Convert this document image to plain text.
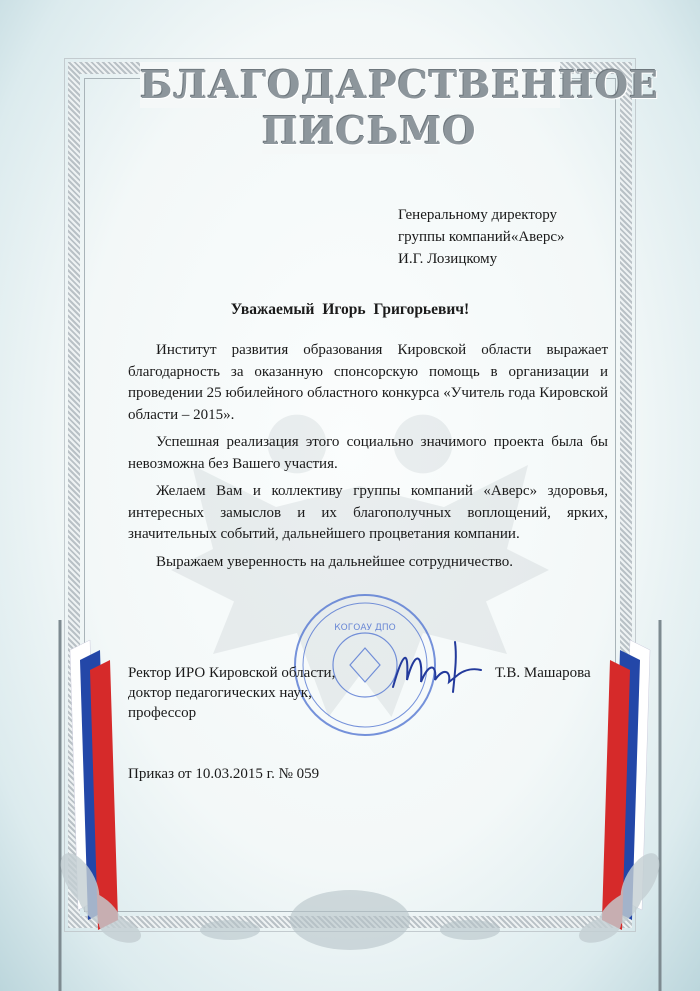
БЛАГОДАРСТВЕННОЕ
ПИСЬМО
Генеральному директору
группы компаний«Аверс»
И.Г. Лозицкому
Уважаемый Игорь Григорьевич!

Институт развития образования Кировской области выражает благодарность за оказанную спонсорскую помощь в организации и проведении 25 юбилейного областного конкурса «Учитель года Кировской области – 2015».

Успешная реализация этого социально значимого проекта была бы невозможна без Вашего участия.

Желаем Вам и коллективу группы компаний «Аверс» здоровья, интересных замыслов и их благополучных воплощений, ярких, значительных событий, дальнейшего процветания компании.

Выражаем уверенность на дальнейшее сотрудничество.

КОГОАУ ДПО
Ректор ИРО Кировской области,
доктор педагогических наук,
профессор
Т.В. Машарова
Приказ от 10.03.2015 г. № 059
